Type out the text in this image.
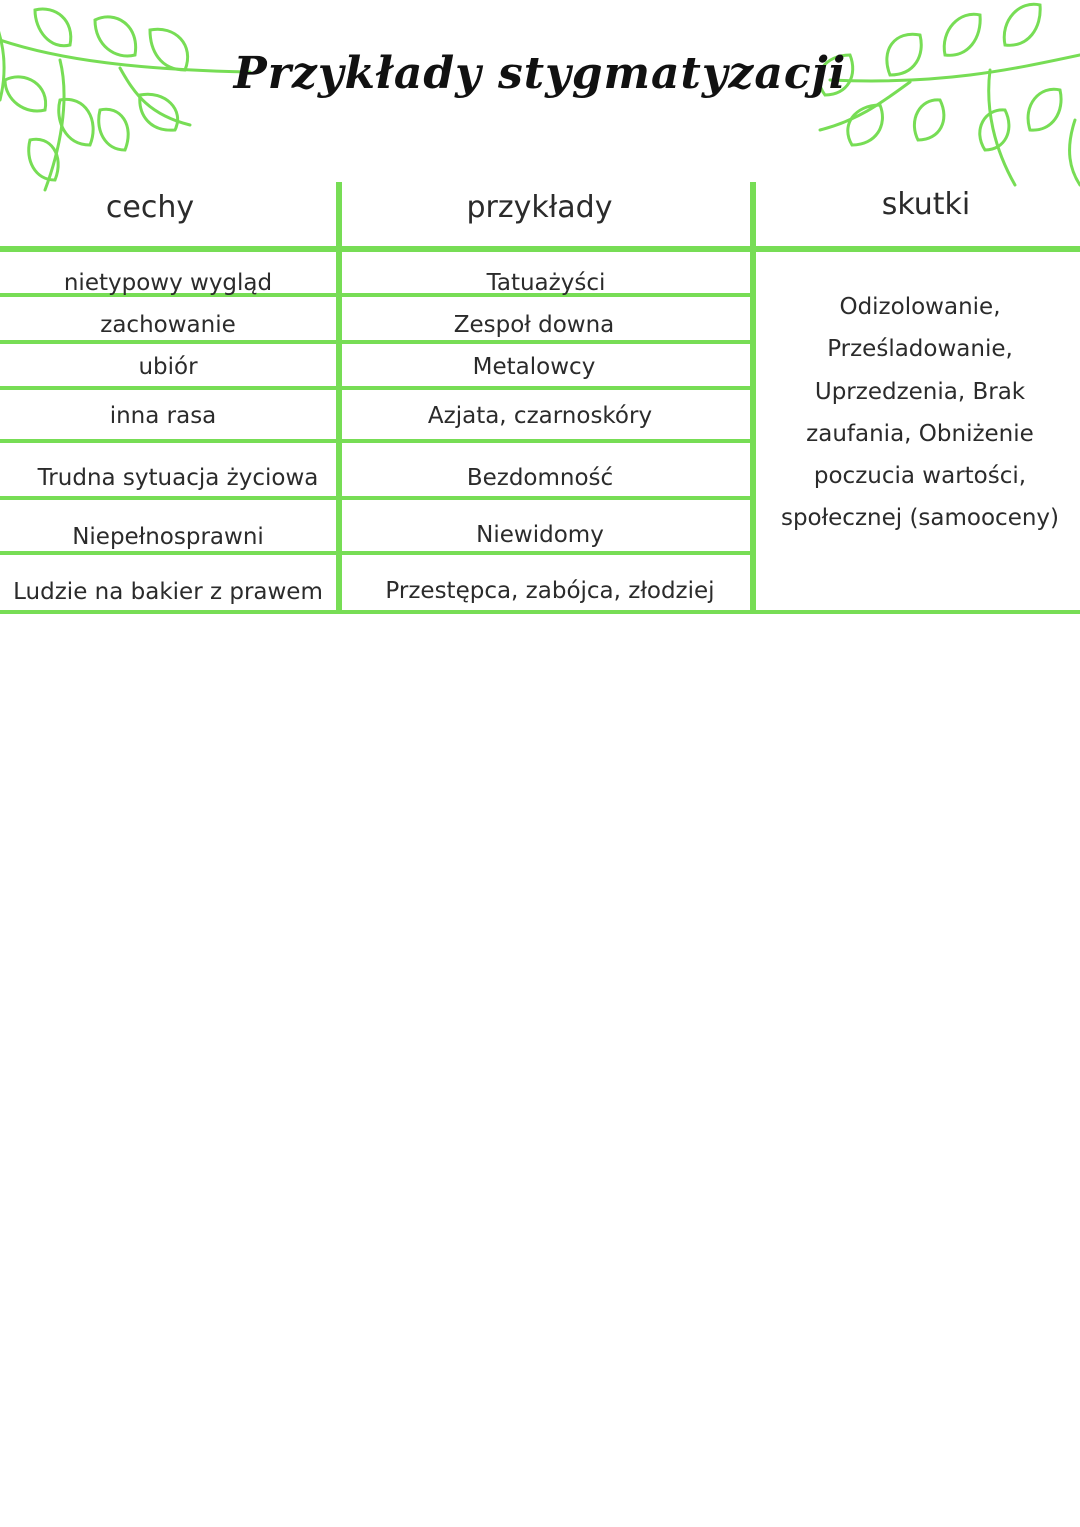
Przykłady stygmatyzacji
cechy	przykłady	skutki
nietypowy wygląd
zachowanie
ubiór
inna rasa
Trudna sytuacja życiowa
Niepełnosprawni
Ludzie na bakier z prawem
Tatuażyści
Zespoł downa
Metalowcy
Azjata, czarnoskóry
Bezdomność
Niewidomy
Przestępca, zabójca, złodziej
Odizolowanie,
Prześladowanie,
Uprzedzenia, Brak
zaufania, Obniżenie
poczucia wartości,
społecznej (samooceny)
